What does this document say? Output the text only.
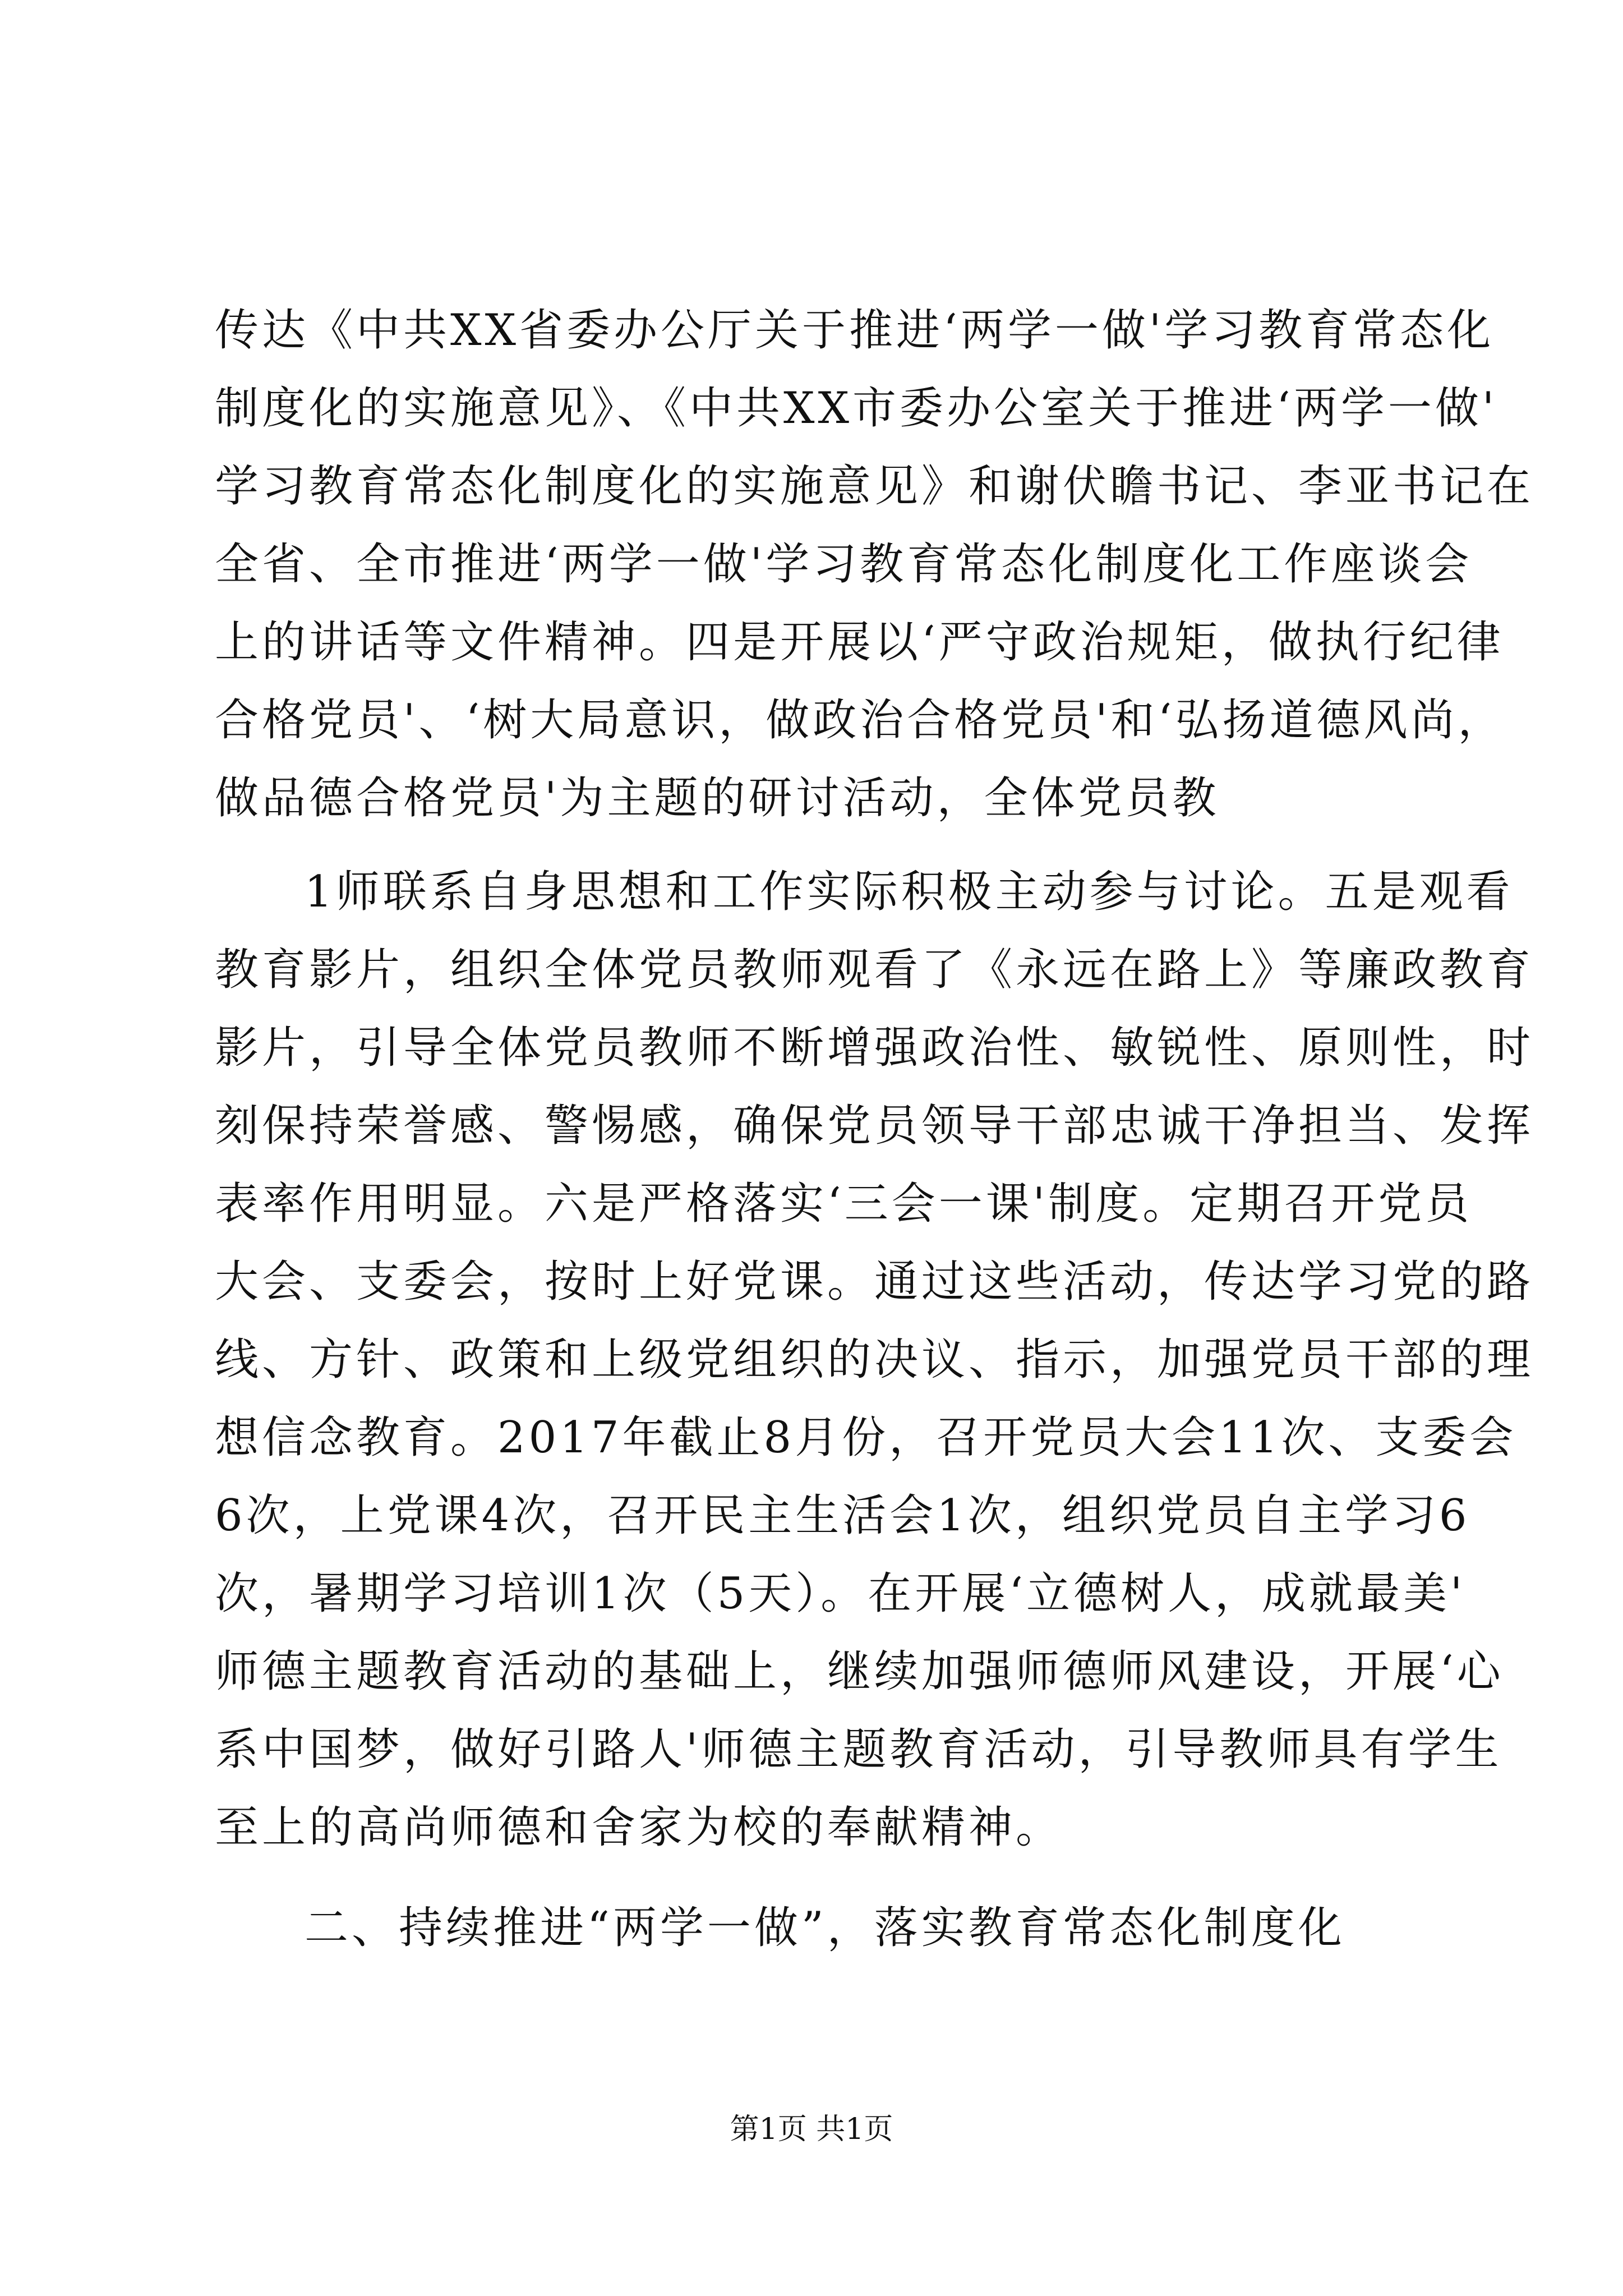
传达《中共XX省委办公厅关于推进‘两学一做'学习教育常态化
制度化的实施意见》、《中共XX市委办公室关于推进‘两学一做'
学习教育常态化制度化的实施意见》和谢伏瞻书记、李亚书记在
全省、全市推进‘两学一做'学习教育常态化制度化工作座谈会
上的讲话等文件精神。四是开展以‘严守政治规矩，做执行纪律
合格党员'、‘树大局意识，做政治合格党员'和‘弘扬道德风尚，
做品德合格党员'为主题的研讨活动，全体党员教
1师联系自身思想和工作实际积极主动参与讨论。五是观看
教育影片，组织全体党员教师观看了《永远在路上》等廉政教育
影片，引导全体党员教师不断增强政治性、敏锐性、原则性，时
刻保持荣誉感、警惕感，确保党员领导干部忠诚干净担当、发挥
表率作用明显。六是严格落实‘三会一课'制度。定期召开党员
大会、支委会，按时上好党课。通过这些活动，传达学习党的路
线、方针、政策和上级党组织的决议、指示，加强党员干部的理
想信念教育。2017年截止8月份，召开党员大会11次、支委会
6次，上党课4次，召开民主生活会1次，组织党员自主学习6
次，暑期学习培训1次（5天）。在开展‘立德树人，成就最美'
师德主题教育活动的基础上，继续加强师德师风建设，开展‘心
系中国梦，做好引路人'师德主题教育活动，引导教师具有学生
至上的高尚师德和舍家为校的奉献精神。
二、持续推进“两学一做”，落实教育常态化制度化
第1页 共1页
